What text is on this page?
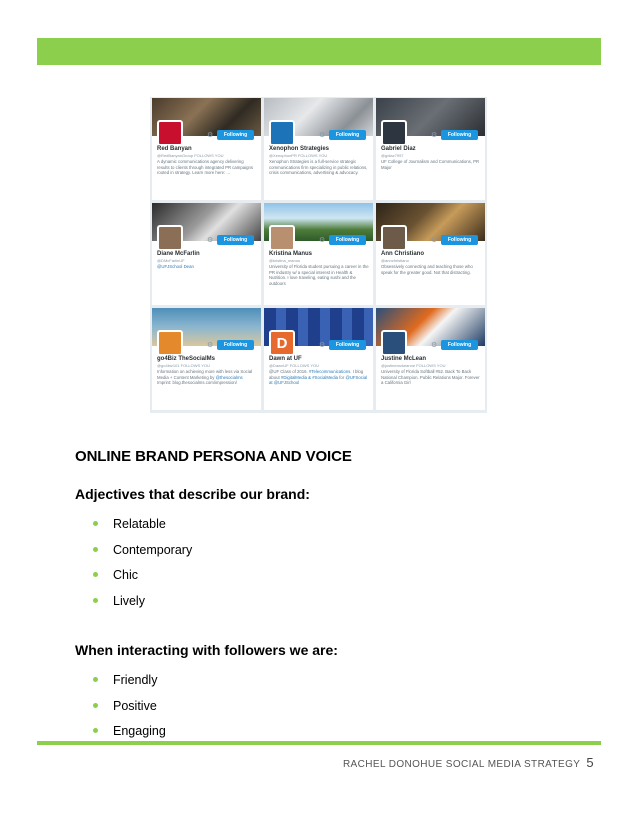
⚙	Following
Red Banyan
@RedBanyanGroup FOLLOWS YOU
A dynamic communications agency delivering results to clients through integrated PR campaigns rooted in strategy. Learn more here: ...
⚙	Following
Xenophon Strategies
@XenophonPR FOLLOWS YOU
Xenophon Strategies is a full-service strategic communications firm specializing in public relations, crisis communications, advertising & advocacy.
⚙	Following
Gabriel Diaz
@gdiaz7997
UF College of Journalism and Communications, PR Major
⚙	Following
Diane McFarlin
@DMcFarlinUF
@UFJSchool Dean
⚙	Following
Kristina Manus
@kristina_manus
University of Florida student pursuing a career in the PR industry w/ a special interest in Health & Nutrition. I love traveling, eating sushi and the outdoors
⚙	Following
Ann Christiano
@annchristiano
Obsessively connecting and teaching those who speak for the greater good. Not that distracting.
⚙	Following
go4Biz TheSocialMs
@go4biz101 FOLLOWS YOU
Information on achieving more with less via Social Media + Content Marketing by @thesocialms Imprint: blog.thesocialms.com/impression/
D	⚙	Following
Dawn at UF
@DawnUF FOLLOWS YOU
@UF Class of 2016. #Telecommunications. I blog about #DigitalMedia & #SocialMedia for @UFSocial at @UFJSchool
⚙	Following
Justine McLean
@justinemckeanne FOLLOWS YOU
University of Florida Softball #52. Back To Back National Champion. Public Relations Major. Forever a California Girl
ONLINE BRAND PERSONA AND VOICE
Adjectives that describe our brand:
Relatable
Contemporary
Chic
Lively
When interacting with followers we are:
Friendly
Positive
Engaging
RACHEL DONOHUE SOCIAL MEDIA STRATEGY 5
